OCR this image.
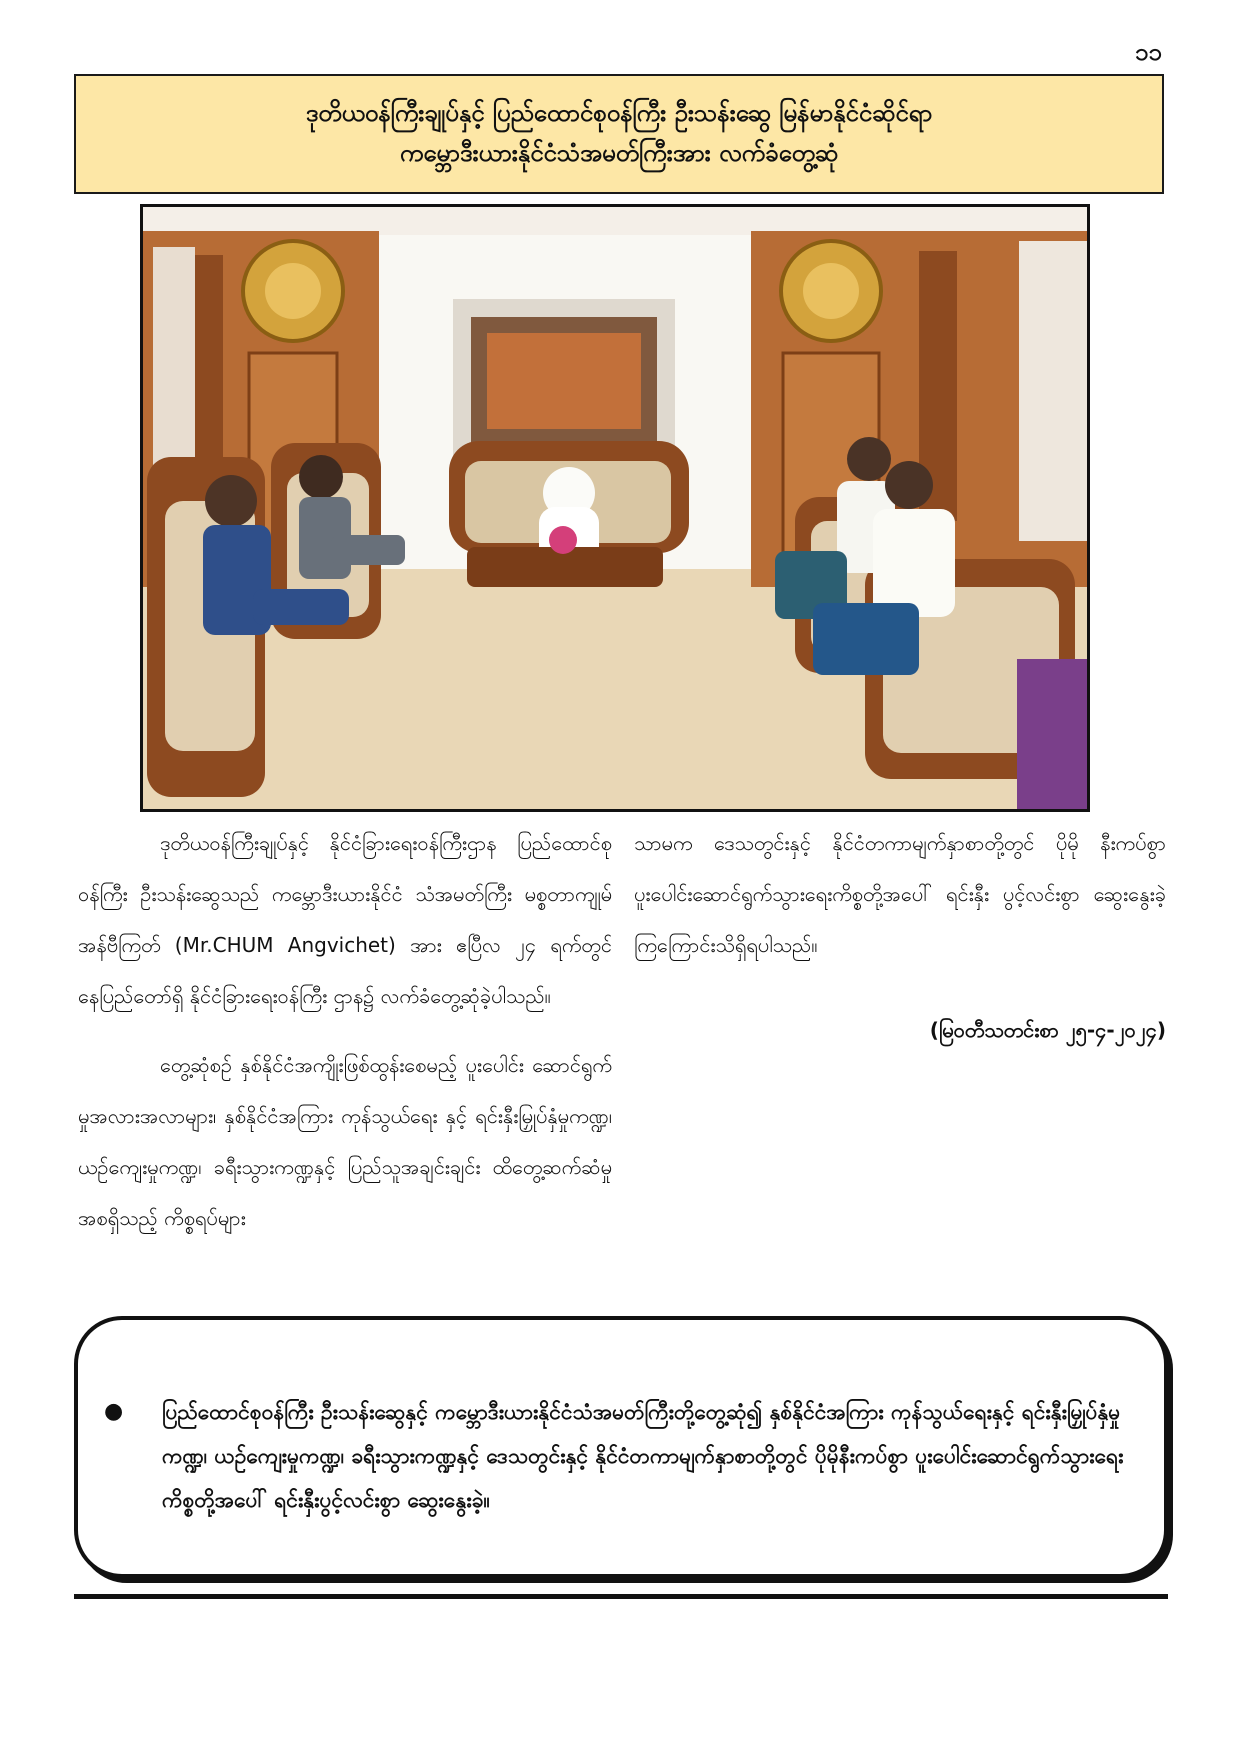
၁၁
ဒုတိယဝန်ကြီးချုပ်နှင့် ပြည်ထောင်စုဝန်ကြီး ဦးသန်းဆွေ မြန်မာနိုင်ငံဆိုင်ရာ
ကမ္ဘောဒီးယားနိုင်ငံသံအမတ်ကြီးအား လက်ခံတွေ့ဆုံ

ဒုတိယဝန်ကြီးချုပ်နှင့် နိုင်ငံခြားရေးဝန်ကြီးဌာန ပြည်ထောင်စုဝန်ကြီး ဦးသန်းဆွေသည် ကမ္ဘောဒီးယားနိုင်ငံ သံအမတ်ကြီး မစ္စတာကျုမ်အန်ဗီကြတ် (Mr.CHUM Angvichet) အား ဧပြီလ ၂၄ ရက်တွင် နေပြည်တော်ရှိ နိုင်ငံခြားရေးဝန်ကြီး ဌာန၌ လက်ခံတွေ့ဆုံခဲ့ပါသည်။

တွေ့ဆုံစဉ် နှစ်နိုင်ငံအကျိုးဖြစ်ထွန်းစေမည့် ပူးပေါင်း ဆောင်ရွက်မှုအလားအလာများ၊ နှစ်နိုင်ငံအကြား ကုန်သွယ်ရေး နှင့် ရင်းနှီးမြှုပ်နှံမှုကဏ္ဍ၊ ယဉ်ကျေးမှုကဏ္ဍ၊ ခရီးသွားကဏ္ဍနှင့် ပြည်သူအချင်းချင်း ထိတွေ့ဆက်ဆံမှုအစရှိသည့် ကိစ္စရပ်များ

သာမက ဒေသတွင်းနှင့် နိုင်ငံတကာမျက်နှာစာတို့တွင် ပိုမို နီးကပ်စွာ ပူးပေါင်းဆောင်ရွက်သွားရေးကိစ္စတို့အပေါ် ရင်းနှီး ပွင့်လင်းစွာ ဆွေးနွေးခဲ့ကြကြောင်းသိရှိရပါသည်။

(မြဝတီသတင်းစာ ၂၅-၄-၂၀၂၄)

●	ပြည်ထောင်စုဝန်ကြီး ဦးသန်းဆွေနှင့် ကမ္ဘောဒီးယားနိုင်ငံသံအမတ်ကြီးတို့တွေ့ဆုံ၍ နှစ်နိုင်ငံအကြား ကုန်သွယ်ရေးနှင့် ရင်းနှီးမြှုပ်နှံမှုကဏ္ဍ၊ ယဉ်ကျေးမှုကဏ္ဍ၊ ခရီးသွားကဏ္ဍနှင့် ဒေသတွင်းနှင့် နိုင်ငံတကာမျက်နှာစာတို့တွင် ပိုမိုနီးကပ်စွာ ပူးပေါင်းဆောင်ရွက်သွားရေးကိစ္စတို့အပေါ် ရင်းနှီးပွင့်လင်းစွာ ဆွေးနွေးခဲ့။
